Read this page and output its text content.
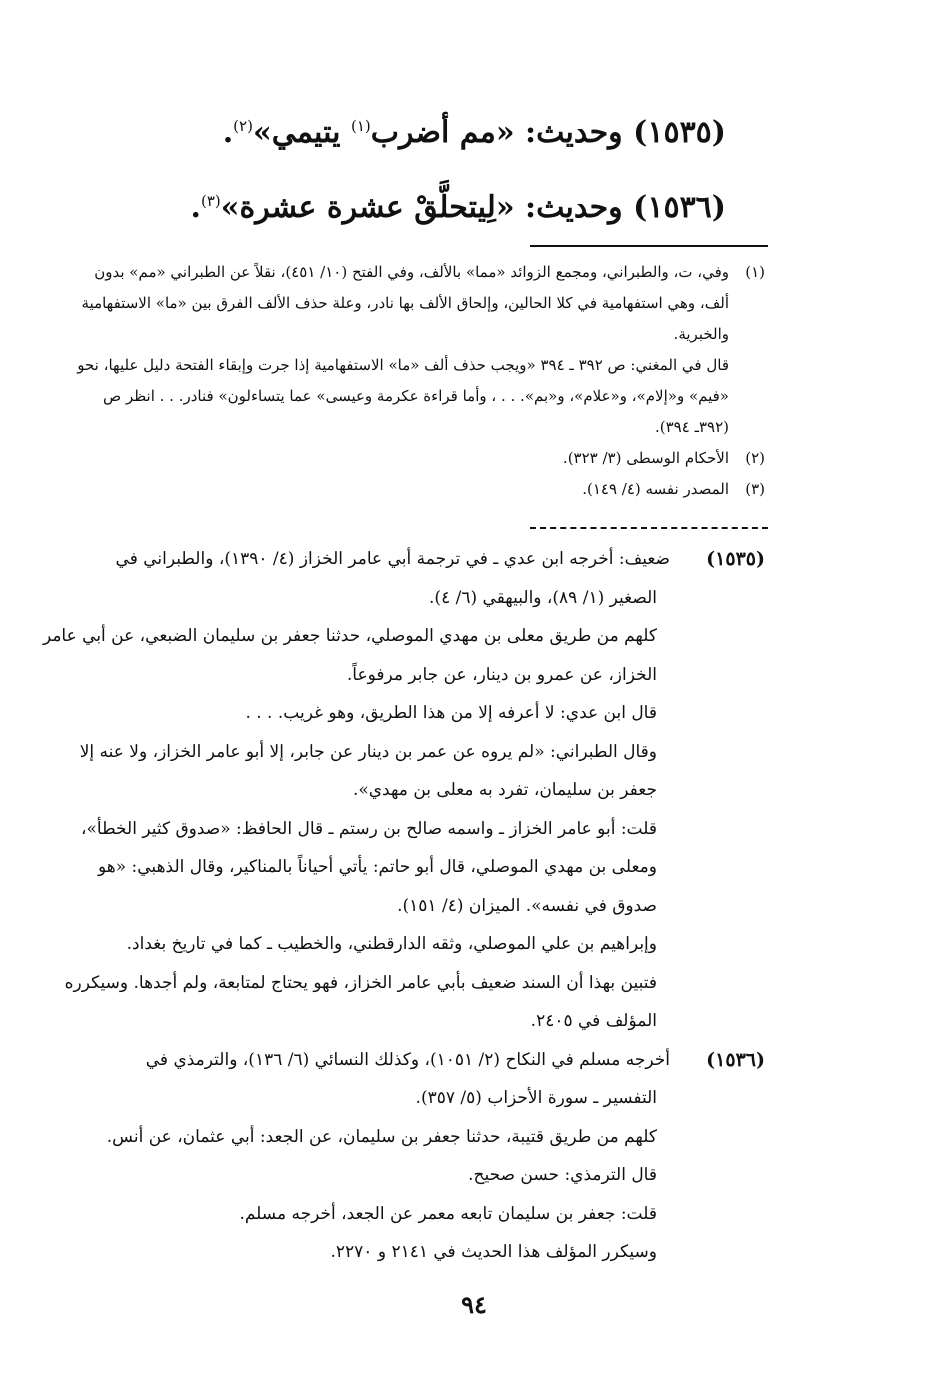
(١٥٣٥) وحديث: «مم أضرب$^{(١)}$ يتيمي»$^{(٢)}$.
(١٥٣٦) وحديث: «لِيتحلَّقْ عشرة عشرة»$^{(٣)}$.
(١)
وفي، ت، والطبراني، ومجمع الزوائد «مما» بالألف، وفي الفتح (١٠/ ٤٥١)، نقلاً عن الطبراني «مم» بدون
ألف، وهي استفهامية في كلا الحالين، وإلحاق الألف بها نادر، وعلة حذف الألف الفرق بين «ما» الاستفهامية
والخبرية.
قال في المغني: ص ٣٩٢ ـ ٣٩٤ «ويجب حذف ألف «ما» الاستفهامية إذا جرت وإبقاء الفتحة دليل عليها، نحو
«فيم» و«إلام»، و«علام»، و«بم». . . ، وأما قراءة عكرمة وعيسى» عما يتساءلون» فنادر. . . انظر ص
(٣٩٢ـ ٣٩٤).
(٢)
الأحكام الوسطى (٣/ ٣٢٣).
(٣)
المصدر نفسه (٤/ ١٤٩).
(١٥٣٥)
ضعيف: أخرجه ابن عدي ـ في ترجمة أبي عامر الخزاز (٤/ ١٣٩٠)، والطبراني في
الصغير (١/ ٨٩)، والبيهقي (٦/ ٤).
كلهم من طريق معلى بن مهدي الموصلي، حدثنا جعفر بن سليمان الضبعي، عن أبي عامر
الخزاز، عن عمرو بن دينار، عن جابر مرفوعاً.
قال ابن عدي: لا أعرفه إلا من هذا الطريق، وهو غريب. . . .
وقال الطبراني: «لم يروه عن عمر بن دينار عن جابر، إلا أبو عامر الخزاز، ولا عنه إلا
جعفر بن سليمان، تفرد به معلى بن مهدي».
قلت: أبو عامر الخزاز ـ واسمه صالح بن رستم ـ قال الحافظ: «صدوق كثير الخطأ»،
ومعلى بن مهدي الموصلي، قال أبو حاتم: يأتي أحياناً بالمناكير، وقال الذهبي: «هو
صدوق في نفسه». الميزان (٤/ ١٥١).
وإبراهيم بن علي الموصلي، وثقه الدارقطني، والخطيب ـ كما في تاريخ بغداد.
فتبين بهذا أن السند ضعيف بأبي عامر الخزاز، فهو يحتاج لمتابعة، ولم أجدها. وسيكرره
المؤلف في ٢٤٠٥.
(١٥٣٦)
أخرجه مسلم في النكاح (٢/ ١٠٥١)، وكذلك النسائي (٦/ ١٣٦)، والترمذي في
التفسير ـ سورة الأحزاب (٥/ ٣٥٧).
كلهم من طريق قتيبة، حدثنا جعفر بن سليمان، عن الجعد: أبي عثمان، عن أنس.
قال الترمذي: حسن صحيح.
قلت: جعفر بن سليمان تابعه معمر عن الجعد، أخرجه مسلم.
وسيكرر المؤلف هذا الحديث في ٢١٤١ و ٢٢٧٠.
٩٤
